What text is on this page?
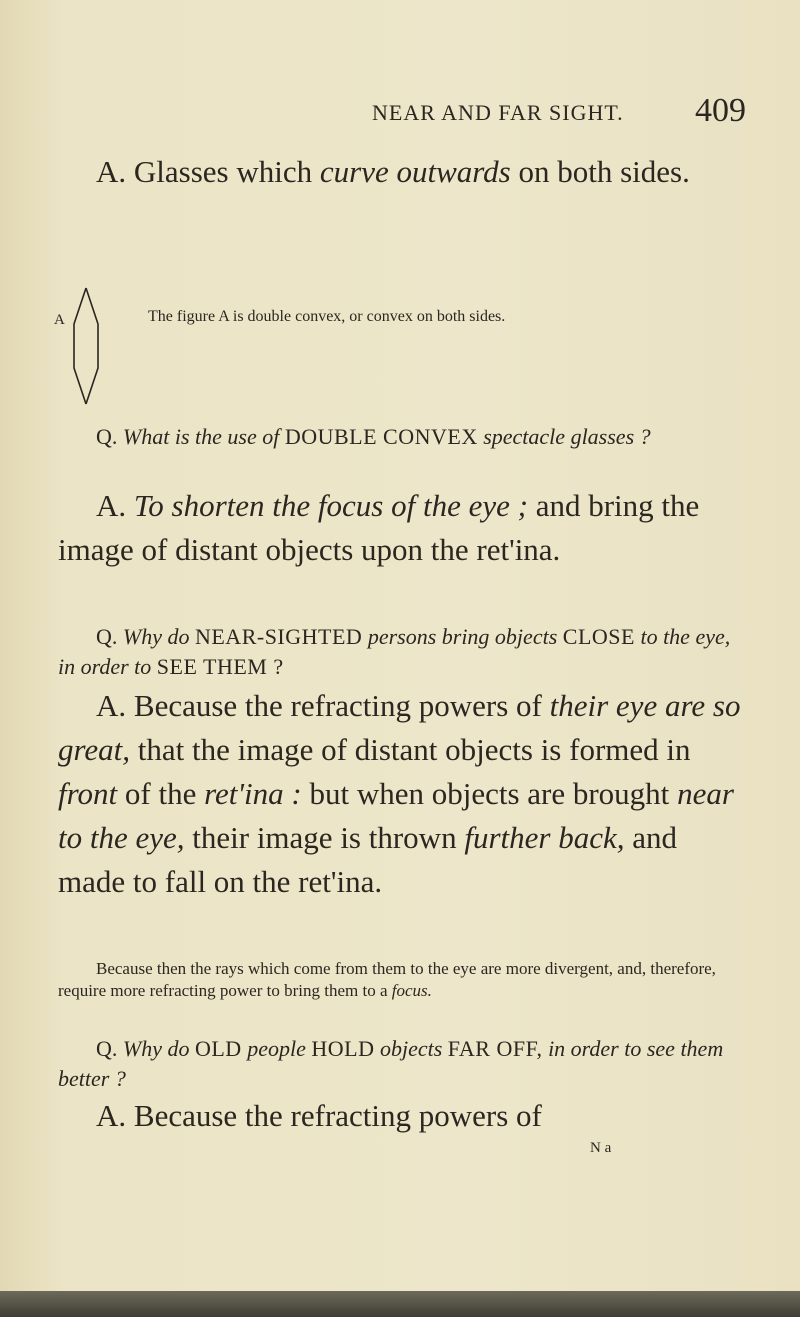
NEAR AND FAR SIGHT. 409

A. Glasses which curve outwards on both sides.

A	The figure A is double convex, or convex on both sides.

Q. What is the use of DOUBLE CONVEX spectacle glasses ?

A. To shorten the focus of the eye ; and bring the image of distant objects upon the ret'ina.

Q. Why do NEAR-SIGHTED persons bring objects CLOSE to the eye, in order to SEE THEM ?

A. Because the refracting powers of their eye are so great, that the image of distant objects is formed in front of the ret'ina : but when objects are brought near to the eye, their image is thrown further back, and made to fall on the ret'ina.

Because then the rays which come from them to the eye are more divergent, and, therefore, require more refracting power to bring them to a focus.

Q. Why do OLD people HOLD objects FAR OFF, in order to see them better ?

A. Because the refracting powers of

N a
